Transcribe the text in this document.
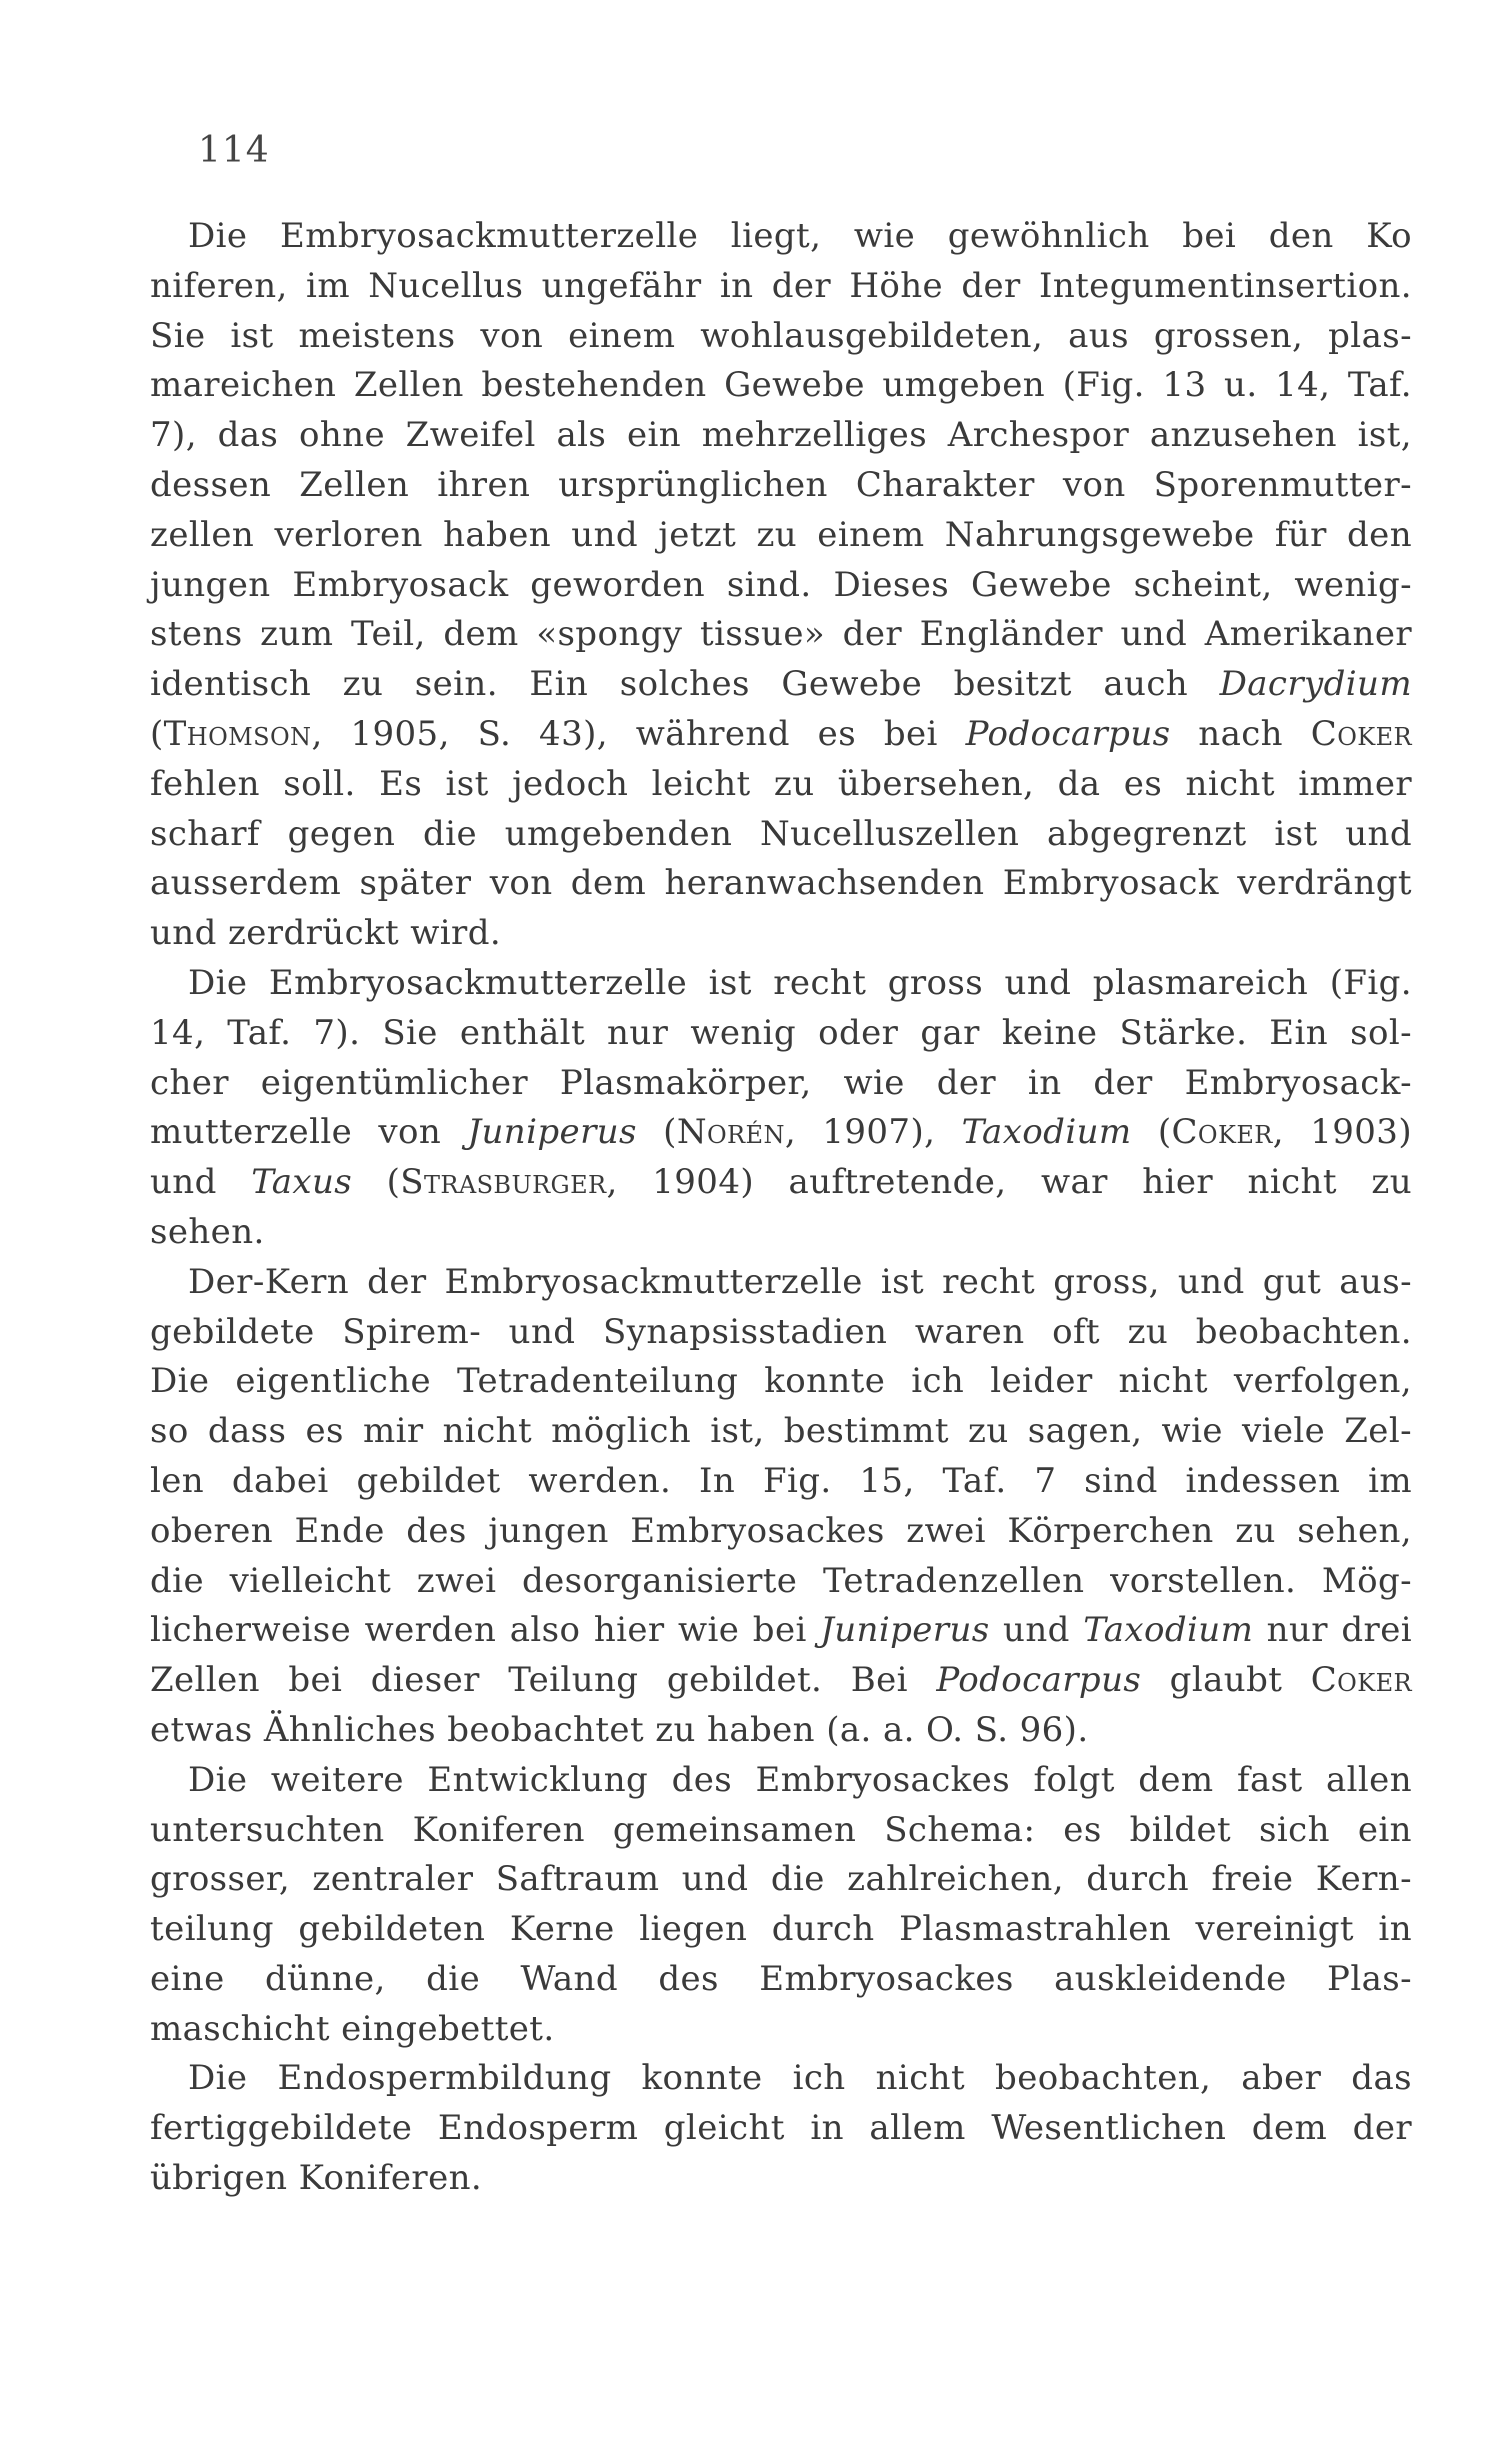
114
Die Embryosackmutterzelle liegt, wie gewöhnlich bei den Ko
niferen, im Nucellus ungefähr in der Höhe der Integumentinsertion.
Sie ist meistens von einem wohlausgebildeten, aus grossen, plas-
mareichen Zellen bestehenden Gewebe umgeben (Fig. 13 u. 14, Taf.
7), das ohne Zweifel als ein mehrzelliges Archespor anzusehen ist,
dessen Zellen ihren ursprünglichen Charakter von Sporenmutter-
zellen verloren haben und jetzt zu einem Nahrungsgewebe für den
jungen Embryosack geworden sind. Dieses Gewebe scheint, wenig-
stens zum Teil, dem «spongy tissue» der Engländer und Amerikaner
identisch zu sein. Ein solches Gewebe besitzt auch Dacrydium
(Thomson, 1905, S. 43), während es bei Podocarpus nach Coker
fehlen soll. Es ist jedoch leicht zu übersehen, da es nicht immer
scharf gegen die umgebenden Nucelluszellen abgegrenzt ist und
ausserdem später von dem heranwachsenden Embryosack verdrängt
und zerdrückt wird.
Die Embryosackmutterzelle ist recht gross und plasmareich (Fig.
14, Taf. 7). Sie enthält nur wenig oder gar keine Stärke. Ein sol-
cher eigentümlicher Plasmakörper, wie der in der Embryosack-
mutterzelle von Juniperus (Norén, 1907), Taxodium (Coker, 1903)
und Taxus (Strasburger, 1904) auftretende, war hier nicht zu
sehen.
Der-Kern der Embryosackmutterzelle ist recht gross, und gut aus-
gebildete Spirem- und Synapsisstadien waren oft zu beobachten.
Die eigentliche Tetradenteilung konnte ich leider nicht verfolgen,
so dass es mir nicht möglich ist, bestimmt zu sagen, wie viele Zel-
len dabei gebildet werden. In Fig. 15, Taf. 7 sind indessen im
oberen Ende des jungen Embryosackes zwei Körperchen zu sehen,
die vielleicht zwei desorganisierte Tetradenzellen vorstellen. Mög-
licherweise werden also hier wie bei Juniperus und Taxodium nur drei
Zellen bei dieser Teilung gebildet. Bei Podocarpus glaubt Coker
etwas Ähnliches beobachtet zu haben (a. a. O. S. 96).
Die weitere Entwicklung des Embryosackes folgt dem fast allen
untersuchten Koniferen gemeinsamen Schema: es bildet sich ein
grosser, zentraler Saftraum und die zahlreichen, durch freie Kern-
teilung gebildeten Kerne liegen durch Plasmastrahlen vereinigt in
eine dünne, die Wand des Embryosackes auskleidende Plas-
maschicht eingebettet.
Die Endospermbildung konnte ich nicht beobachten, aber das
fertiggebildete Endosperm gleicht in allem Wesentlichen dem der
übrigen Koniferen.
